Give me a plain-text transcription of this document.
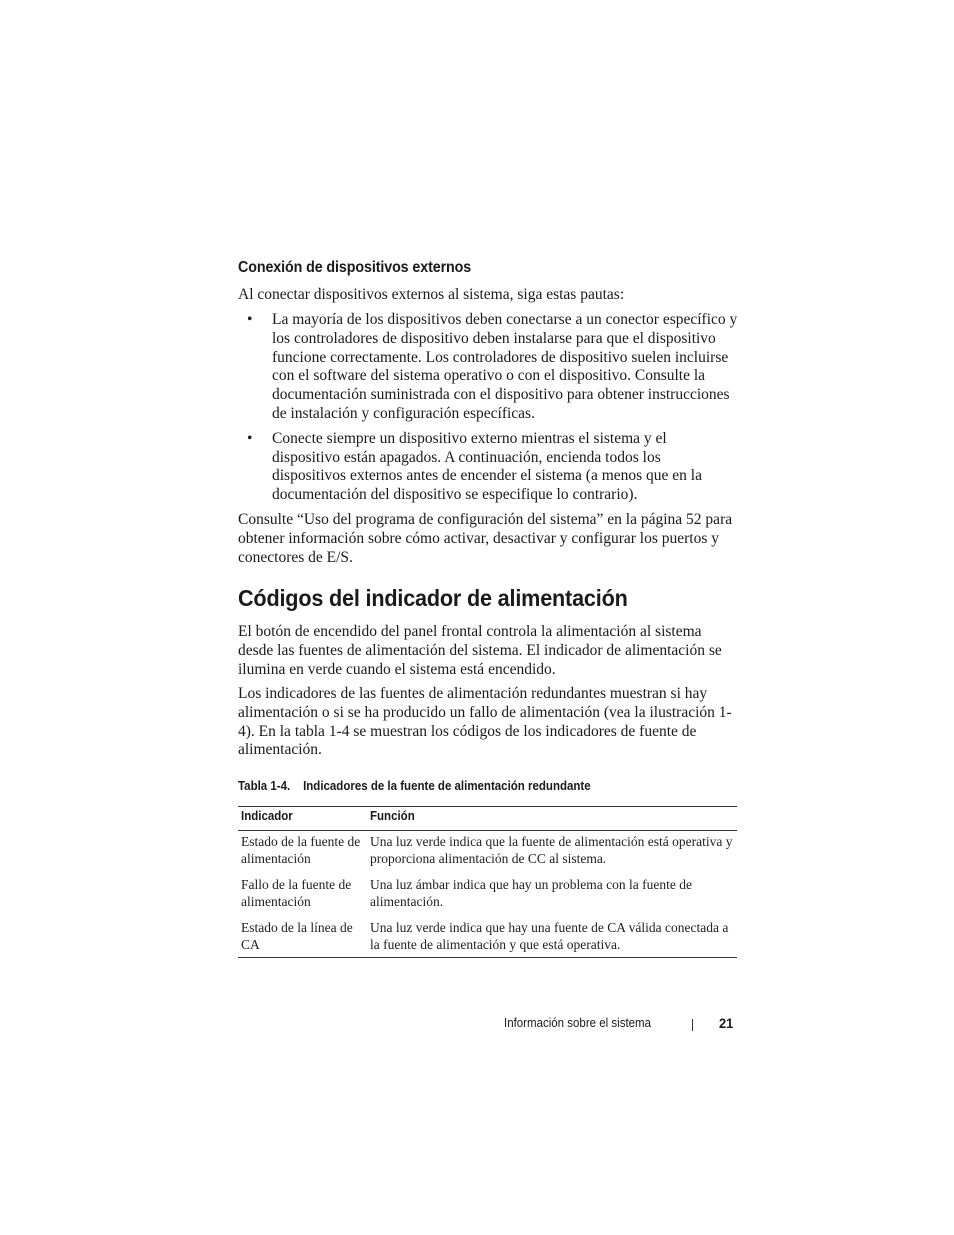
Conexión de dispositivos externos

Al conectar dispositivos externos al sistema, siga estas pautas:

• La mayoría de los dispositivos deben conectarse a un conector específico y los controladores de dispositivo deben instalarse para que el dispositivo funcione correctamente. Los controladores de dispositivo suelen incluirse con el software del sistema operativo o con el dispositivo. Consulte la documentación suministrada con el dispositivo para obtener instrucciones de instalación y configuración específicas.
• Conecte siempre un dispositivo externo mientras el sistema y el dispositivo están apagados. A continuación, encienda todos los dispositivos externos antes de encender el sistema (a menos que en la documentación del dispositivo se especifique lo contrario).

Consulte “Uso del programa de configuración del sistema” en la página 52 para obtener información sobre cómo activar, desactivar y configurar los puertos y conectores de E/S.

Códigos del indicador de alimentación

El botón de encendido del panel frontal controla la alimentación al sistema desde las fuentes de alimentación del sistema. El indicador de alimentación se ilumina en verde cuando el sistema está encendido.

Los indicadores de las fuentes de alimentación redundantes muestran si hay alimentación o si se ha producido un fallo de alimentación (vea la ilustración 1-4). En la tabla 1-4 se muestran los códigos de los indicadores de fuente de alimentación.

Tabla 1-4. Indicadores de la fuente de alimentación redundante

Indicador	Función
Estado de la fuente de alimentación	Una luz verde indica que la fuente de alimentación está operativa y proporciona alimentación de CC al sistema.
Fallo de la fuente de alimentación	Una luz ámbar indica que hay un problema con la fuente de alimentación.
Estado de la línea de CA	Una luz verde indica que hay una fuente de CA válida conectada a la fuente de alimentación y que está operativa.
Información sobre el sistema	21
